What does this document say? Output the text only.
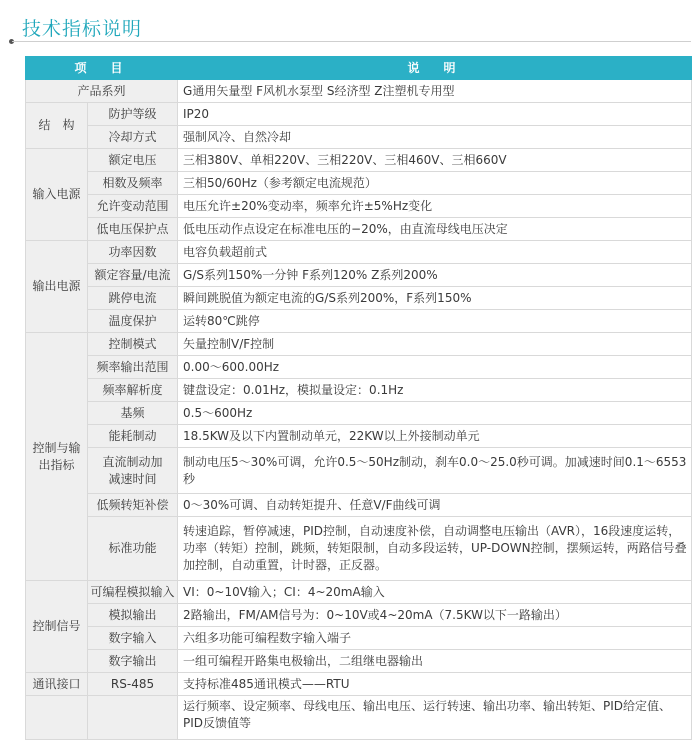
技术指标说明
项　目		说　明
产品系列		G通用矢量型 F风机水泵型 S经济型 Z注塑机专用型
结　构	防护等级	IP20
	冷却方式	强制风冷、自然冷却
输入电源	额定电压	三相380V、单相220V、三相220V、三相460V、三相660V
	相数及频率	三相50/60Hz（参考额定电流规范）
	允许变动范围	电压允许±20%变动率，频率允许±5%Hz变化
	低电压保护点	低电压动作点设定在标准电压的−20%，由直流母线电压决定
输出电源	功率因数	电容负载超前式
	额定容量/电流	G/S系列150%一分钟 F系列120% Z系列200%
	跳停电流	瞬间跳脱值为额定电流的G/S系列200%，F系列150%
	温度保护	运转80℃跳停
控制与输出指标	控制模式	矢量控制V/F控制
	频率输出范围	0.00～600.00Hz
	频率解析度	键盘设定：0.01Hz，模拟量设定：0.1Hz
	基频	0.5～600Hz
	能耗制动	18.5KW及以下内置制动单元，22KW以上外接制动单元
	直流制动加减速时间	制动电压5～30%可调，允许0.5～50Hz制动，刹车0.0～25.0秒可调。加减速时间0.1～6553秒
	低频转矩补偿	0～30%可调、自动转矩提升、任意V/F曲线可调
	标准功能	转速追踪，暂停减速，PID控制，自动速度补偿，自动调整电压输出（AVR），16段速度运转，功率（转矩）控制，跳频，转矩限制，自动多段运转，UP-DOWN控制，摆频运转，两路信号叠加控制，自动重置，计时器，正反器。
控制信号	可编程模拟输入	VI：0~10V输入；CI：4~20mA输入
	模拟输出	2路输出，FM/AM信号为：0~10V或4~20mA（7.5KW以下一路输出）
	数字输入	六组多功能可编程数字输入端子
	数字输出	一组可编程开路集电极输出，二组继电器输出
通讯接口	RS-485	支持标准485通讯模式——RTU
		运行频率、设定频率、母线电压、输出电压、运行转速、输出功率、输出转矩、PID给定值、PID反馈值等
